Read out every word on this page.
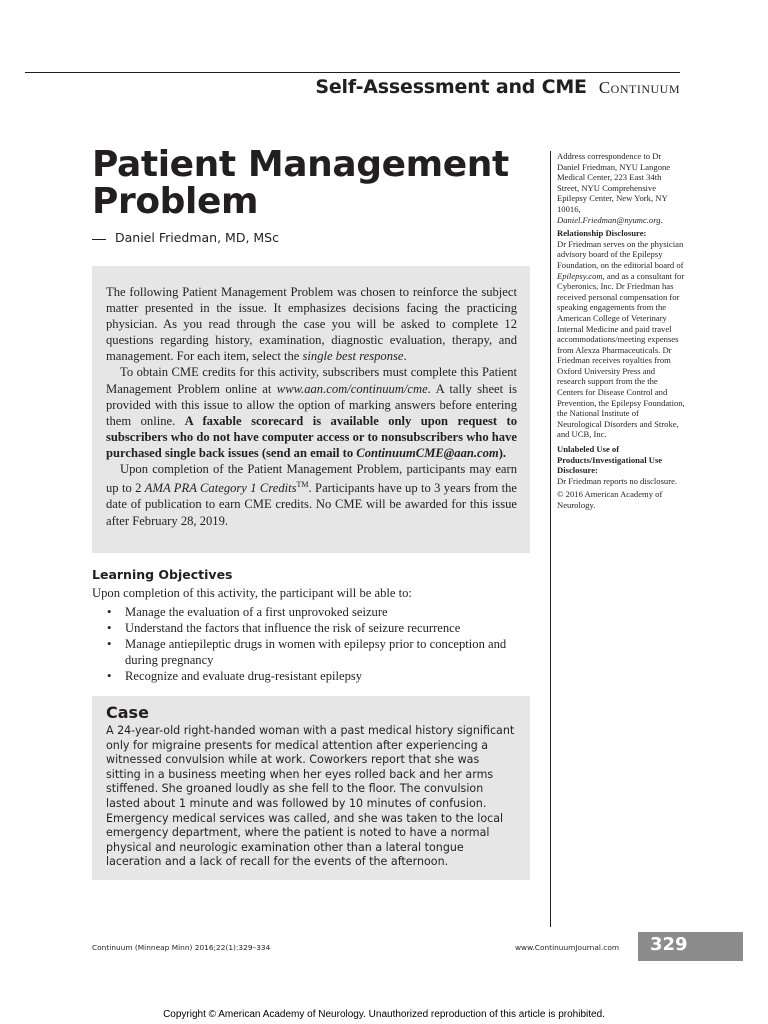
Self-Assessment and CME Continuum
Patient Management
Problem
Daniel Friedman, MD, MSc

The following Patient Management Problem was chosen to reinforce the subject matter presented in the issue. It emphasizes decisions facing the practicing physician. As you read through the case you will be asked to complete 12 questions regarding history, examination, diagnostic evaluation, therapy, and management. For each item, select the single best response.

To obtain CME credits for this activity, subscribers must complete this Patient Management Problem online at www.aan.com/continuum/cme. A tally sheet is provided with this issue to allow the option of marking answers before entering them online. A faxable scorecard is available only upon request to subscribers who do not have computer access or to nonsubscribers who have purchased single back issues (send an email to ContinuumCME@aan.com).

Upon completion of the Patient Management Problem, participants may earn up to 2 AMA PRA Category 1 Credits™. Participants have up to 3 years from the date of publication to earn CME credits. No CME will be awarded for this issue after February 28, 2019.

Learning Objectives
Upon completion of this activity, the participant will be able to:
• Manage the evaluation of a first unprovoked seizure
• Understand the factors that influence the risk of seizure recurrence
• Manage antiepileptic drugs in women with epilepsy prior to conception and during pregnancy
• Recognize and evaluate drug-resistant epilepsy
Case
A 24-year-old right-handed woman with a past medical history significant only for migraine presents for medical attention after experiencing a witnessed convulsion while at work. Coworkers report that she was sitting in a business meeting when her eyes rolled back and her arms stiffened. She groaned loudly as she fell to the floor. The convulsion lasted about 1 minute and was followed by 10 minutes of confusion. Emergency medical services was called, and she was taken to the local emergency department, where the patient is noted to have a normal physical and neurologic examination other than a lateral tongue laceration and a lack of recall for the events of the afternoon.

Address correspondence to Dr Daniel Friedman, NYU Langone Medical Center, 223 East 34th Street, NYU Comprehensive Epilepsy Center, New York, NY 10016, Daniel.Friedman@nyumc.org.

Relationship Disclosure:
Dr Friedman serves on the physician advisory board of the Epilepsy Foundation, on the editorial board of Epilepsy.com, and as a consultant for Cyberonics, Inc. Dr Friedman has received personal compensation for speaking engagements from the American College of Veterinary Internal Medicine and paid travel accommodations/meeting expenses from Alexza Pharmaceuticals. Dr Friedman receives royalties from Oxford University Press and research support from the the Centers for Disease Control and Prevention, the Epilepsy Foundation, the National Institute of Neurological Disorders and Stroke, and UCB, Inc.

Unlabeled Use of Products/Investigational Use Disclosure:
Dr Friedman reports no disclosure.

© 2016 American Academy of Neurology.

Continuum (Minneap Minn) 2016;22(1):329–334	www.ContinuumJournal.com	329
Copyright © American Academy of Neurology. Unauthorized reproduction of this article is prohibited.
